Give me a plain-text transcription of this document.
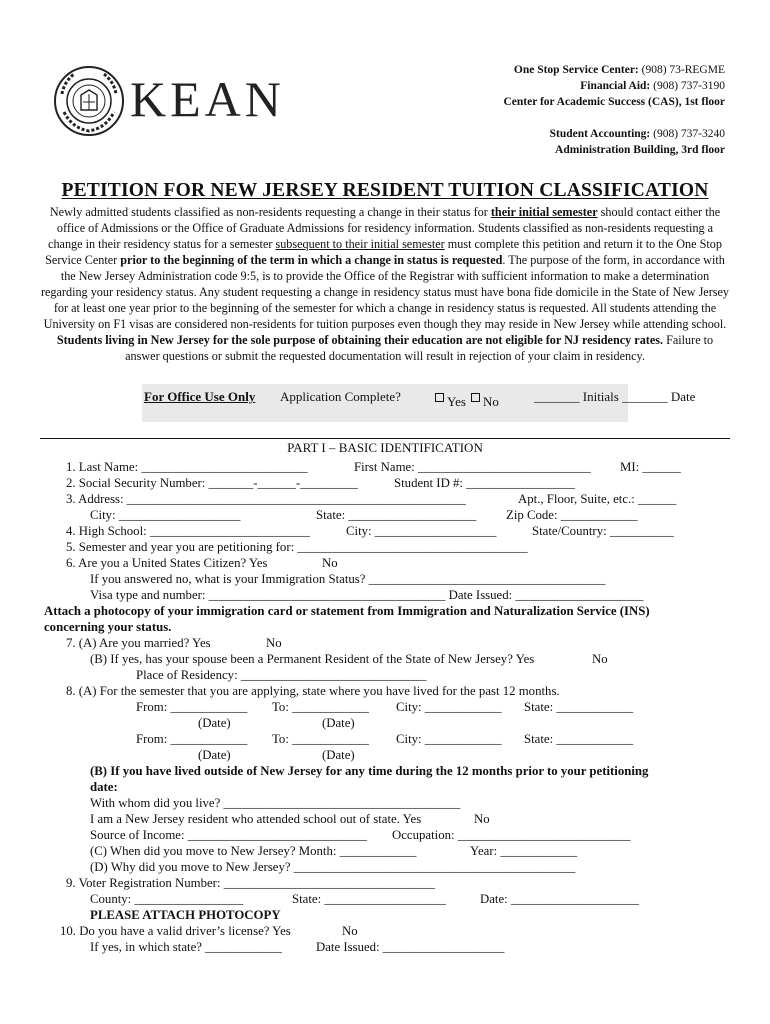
KEAN
One Stop Service Center: (908) 73-REGME
Financial Aid: (908) 737-3190
Center for Academic Success (CAS), 1st floor
Student Accounting: (908) 737-3240
Administration Building, 3rd floor
PETITION FOR NEW JERSEY RESIDENT TUITION CLASSIFICATION
Newly admitted students classified as non-residents requesting a change in their status for their initial semester should contact either the office of Admissions or the Office of Graduate Admissions for residency information. Students classified as non-residents requesting a change in their residency status for a semester subsequent to their initial semester must complete this petition and return it to the One Stop Service Center prior to the beginning of the term in which a change in status is requested. The purpose of the form, in accordance with the New Jersey Administration code 9:5, is to provide the Office of the Registrar with sufficient information to make a determination regarding your residency status. Any student requesting a change in residency status must have bona fide domicile in the State of New Jersey for at least one year prior to the beginning of the semester for which a change in residency status is requested. All students attending the University on F1 visas are considered non-residents for tuition purposes even though they may reside in New Jersey while attending school. Students living in New Jersey for the sole purpose of obtaining their education are not eligible for NJ residency rates. Failure to answer questions or submit the requested documentation will result in rejection of your claim in residency.
For Office Use Only Application Complete?	Yes No	_______ Initials _______ Date
PART I – BASIC IDENTIFICATION
1. Last Name: __________________________	First Name: ___________________________ MI: ______
2. Social Security Number: _______-______-_________	Student ID #: _________________
3. Address: _____________________________________________________	Apt., Floor, Suite, etc.: ______
City: ___________________	State: ____________________ Zip Code: ____________
4. High School: _________________________	City: ___________________	State/Country: __________
5. Semester and year you are petitioning for: ____________________________________
6. Are you a United States Citizen? Yes	No
If you answered no, what is your Immigration Status? _____________________________________
Visa type and number: _____________________________________ Date Issued: ____________________
Attach a photocopy of your immigration card or statement from Immigration and Naturalization Service (INS)
concerning your status.
7. (A) Are you married? Yes	No
(B) If yes, has your spouse been a Permanent Resident of the State of New Jersey? Yes	No
Place of Residency: _____________________________
8. (A) For the semester that you are applying, state where you have lived for the past 12 months.
From: ____________ To: ____________ City: ____________ State: ____________
(Date)	(Date)
From: ____________ To: ____________ City: ____________ State: ____________
(Date)	(Date)
(B) If you have lived outside of New Jersey for any time during the 12 months prior to your petitioning
date:
With whom did you live? _____________________________________
I am a New Jersey resident who attended school out of state. Yes	No
Source of Income: ____________________________ Occupation: ___________________________
(C) When did you move to New Jersey? Month: ____________	Year: ____________
(D) Why did you move to New Jersey? ____________________________________________
9. Voter Registration Number: _________________________________
County: _________________	State: ___________________	Date: ____________________
PLEASE ATTACH PHOTOCOPY
10. Do you have a valid driver’s license? Yes	No
If yes, in which state? ____________	Date Issued: ___________________
